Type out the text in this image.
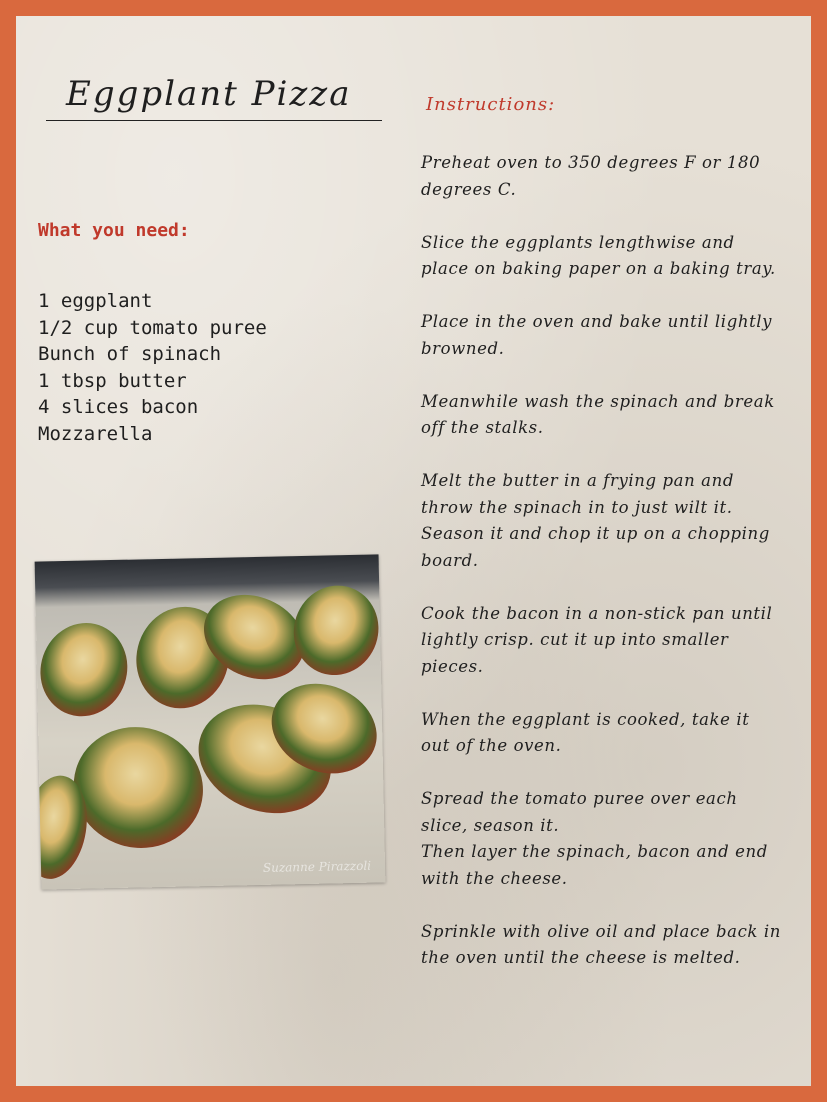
Eggplant Pizza
What you need:
1 eggplant
1/2 cup tomato puree
Bunch of spinach
1 tbsp butter
4 slices bacon
Mozzarella
Suzanne Pirazzoli
Instructions:

Preheat oven to 350 degrees F or 180 degrees C.

Slice the eggplants lengthwise and place on baking paper on a baking tray.

Place in the oven and bake until lightly browned.

Meanwhile wash the spinach and break off the stalks.

Melt the butter in a frying pan and throw the spinach in to just wilt it. Season it and chop it up on a chopping board.

Cook the bacon in a non-stick pan until lightly crisp. cut it up into smaller pieces.

When the eggplant is cooked, take it out of the oven.

Spread the tomato puree over each slice, season it.
Then layer the spinach, bacon and end with the cheese.

Sprinkle with olive oil and place back in the oven until the cheese is melted.
